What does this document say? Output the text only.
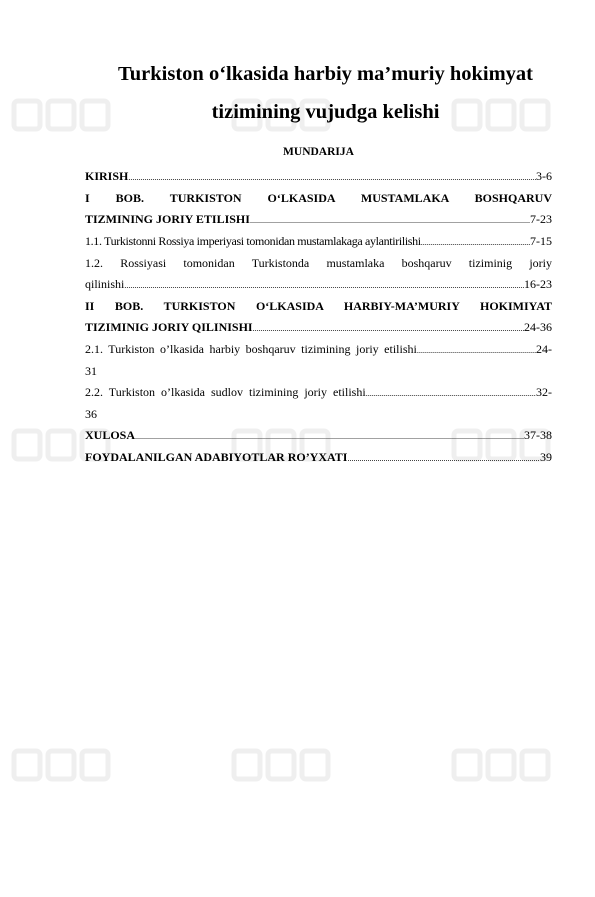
Turkiston o‘lkasida harbiy ma’muriy hokimyat
tizimining vujudga kelishi
MUNDARIJA
KIRISH .....	3-6
I BOB. TURKISTON O‘LKASIDA MUSTAMLAKA BOSHQARUV
TIZMINING JORIY ETILISHI .....	7-23
1.1. Turkistonni Rossiya imperiyasi tomonidan mustamlakaga aylantirilishi .....	7-15
1.2. Rossiyasi tomonidan Turkistonda mustamlaka boshqaruv tiziminig joriy
qilinishi .....	16-23
II BOB. TURKISTON O‘LKASIDA HARBIY-MA’MURIY HOKIMIYAT
TIZIMINIG JORIY QILINISHI .....	24-36
2.1. Turkiston o’lkasida harbiy boshqaruv tizimining joriy etilishi .....	24-
31
2.2. Turkiston o’lkasida sudlov tizimining joriy etilishi .....	32-
36
XULOSA .....	37-38
FOYDALANILGAN ADABIYOTLAR RO’YXATI .....	39
